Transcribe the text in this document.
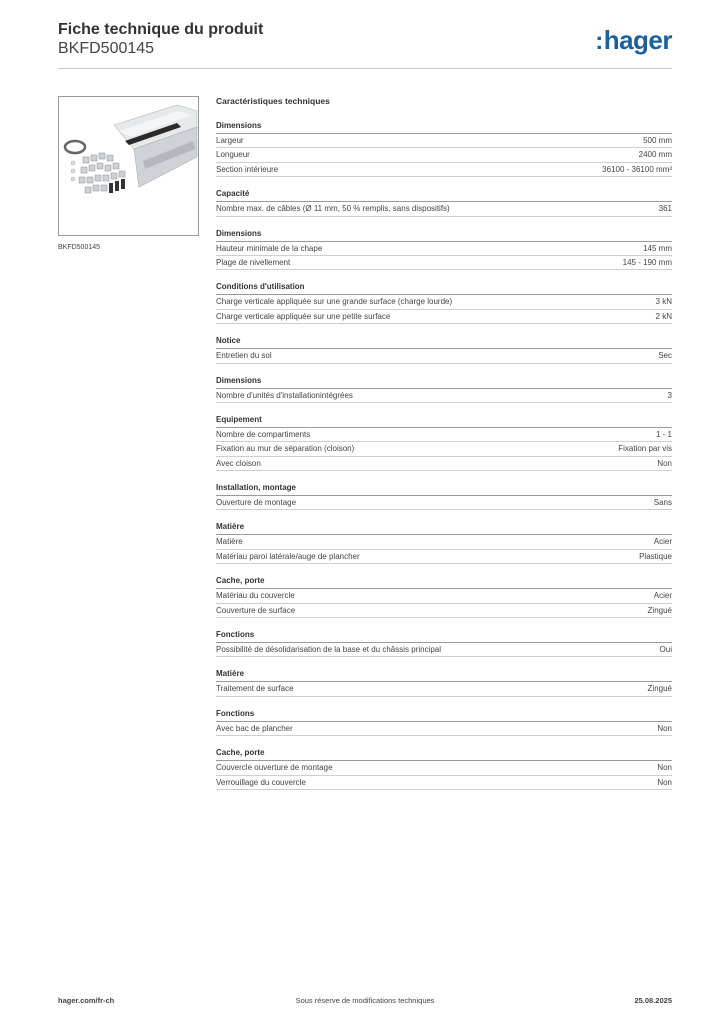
Fiche technique du produit
BKFD500145	:hager
BKFD500145
Caractéristiques techniques
Dimensions
Largeur	500 mm
Longueur	2400 mm
Section intérieure	36100 - 36100 mm²
Capacité
Nombre max. de câbles (Ø 11 mm, 50 % remplis, sans dispositifs)	361
Dimensions
Hauteur minimale de la chape	145 mm
Plage de nivellement	145 - 190 mm
Conditions d'utilisation
Charge verticale appliquée sur une grande surface (charge lourde)	3 kN
Charge verticale appliquée sur une petite surface	2 kN
Notice
Entretien du sol	Sec
Dimensions
Nombre d'unités d'installationintégrées	3
Equipement
Nombre de compartiments	1 - 1
Fixation au mur de séparation (cloison)	Fixation par vis
Avec cloison	Non
Installation, montage
Ouverture de montage	Sans
Matière
Matière	Acier
Matériau paroi latérale/auge de plancher	Plastique
Cache, porte
Matériau du couvercle	Acier
Couverture de surface	Zingué
Fonctions
Possibilité de désolidarisation de la base et du châssis principal	Oui
Matière
Traitement de surface	Zingué
Fonctions
Avec bac de plancher	Non
Cache, porte
Couvercle ouverture de montage	Non
Verrouillage du couvercle	Non
hager.com/fr-ch	Sous réserve de modifications techniques	25.08.2025
